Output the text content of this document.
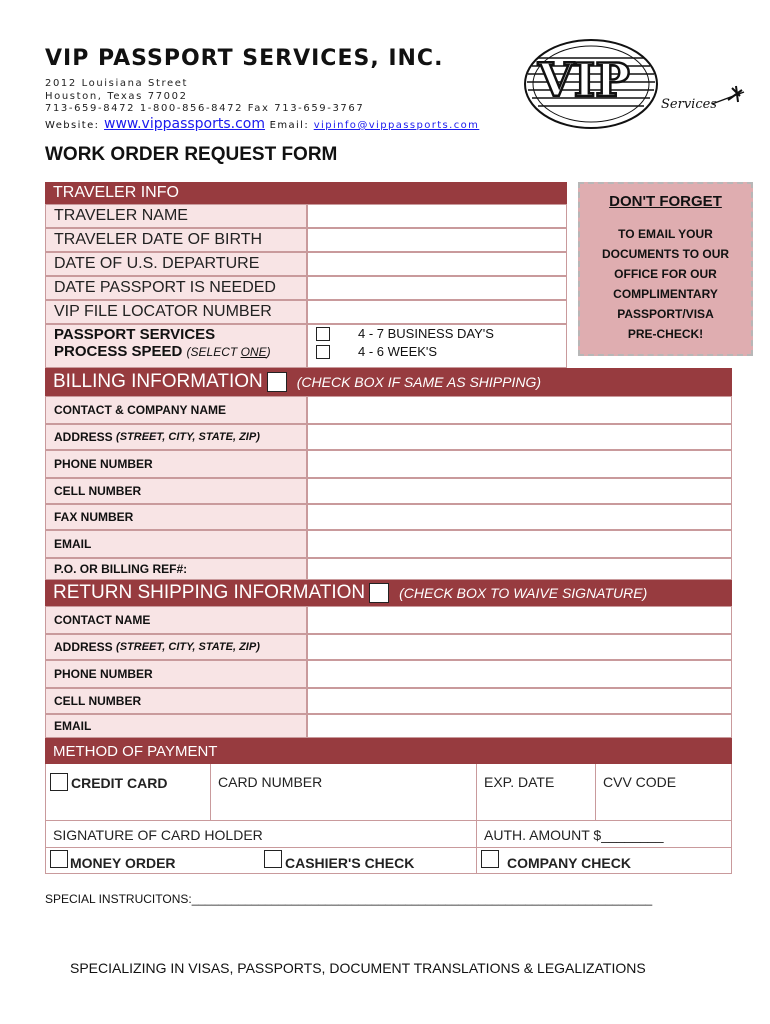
VIP PASSPORT SERVICES, INC.
2012 Louisiana Street
Houston, Texas 77002
713-659-8472 1-800-856-8472 Fax 713-659-3767
Website: www.vippassports.com Email: vipinfo@vippassports.com
VIP Services
WORK ORDER REQUEST FORM
TRAVELER INFO
TRAVELER NAME
TRAVELER DATE OF BIRTH
DATE OF U.S. DEPARTURE
DATE PASSPORT IS NEEDED
VIP FILE LOCATOR NUMBER
PASSPORT SERVICES
PROCESS SPEED (SELECT ONE)
4 - 7 BUSINESS DAY'S
4 - 6 WEEK'S
DON'T FORGET
TO EMAIL YOUR
DOCUMENTS TO OUR
OFFICE FOR OUR
COMPLIMENTARY
PASSPORT/VISA
PRE-CHECK!
BILLING INFORMATION (CHECK BOX IF SAME AS SHIPPING)
CONTACT & COMPANY NAME
ADDRESS
(STREET, CITY, STATE, ZIP)
PHONE NUMBER
CELL NUMBER
FAX NUMBER
EMAIL
P.O. OR BILLING REF#:
RETURN SHIPPING INFORMATION (CHECK BOX TO WAIVE SIGNATURE)
CONTACT NAME
ADDRESS
(STREET, CITY, STATE, ZIP)
PHONE NUMBER
CELL NUMBER
EMAIL
METHOD OF PAYMENT
CREDIT CARD	CARD NUMBER	EXP. DATE	CVV CODE
SIGNATURE OF CARD HOLDER	AUTH. AMOUNT $________
MONEY ORDER	CASHIER'S CHECK	COMPANY CHECK
SPECIAL INSTRUCITONS:_____________________________________________________________________
SPECIALIZING IN VISAS, PASSPORTS, DOCUMENT TRANSLATIONS & LEGALIZATIONS
